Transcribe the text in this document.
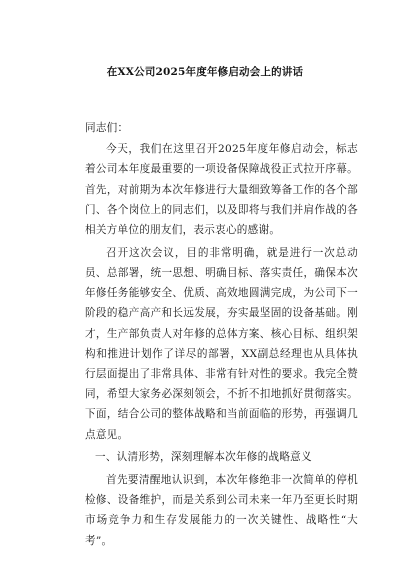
在XX公司2025年度年修启动会上的讲话

同志们：

今天，我们在这里召开2025年度年修启动会，标志着公司本年度最重要的一项设备保障战役正式拉开序幕。首先，对前期为本次年修进行大量细致筹备工作的各个部门、各个岗位上的同志们，以及即将与我们并肩作战的各相关方单位的朋友们，表示衷心的感谢。

召开这次会议，目的非常明确，就是进行一次总动员、总部署，统一思想、明确目标、落实责任，确保本次年修任务能够安全、优质、高效地圆满完成，为公司下一阶段的稳产高产和长远发展，夯实最坚固的设备基础。刚才，生产部负责人对年修的总体方案、核心目标、组织架构和推进计划作了详尽的部署，XX副总经理也从具体执行层面提出了非常具体、非常有针对性的要求。我完全赞同，希望大家务必深刻领会，不折不扣地抓好贯彻落实。下面，结合公司的整体战略和当前面临的形势，再强调几点意见。

一、认清形势，深刻理解本次年修的战略意义

首先要清醒地认识到，本次年修绝非一次简单的停机检修、设备维护，而是关系到公司未来一年乃至更长时期市场竞争力和生存发展能力的一次关键性、战略性“大考”。
